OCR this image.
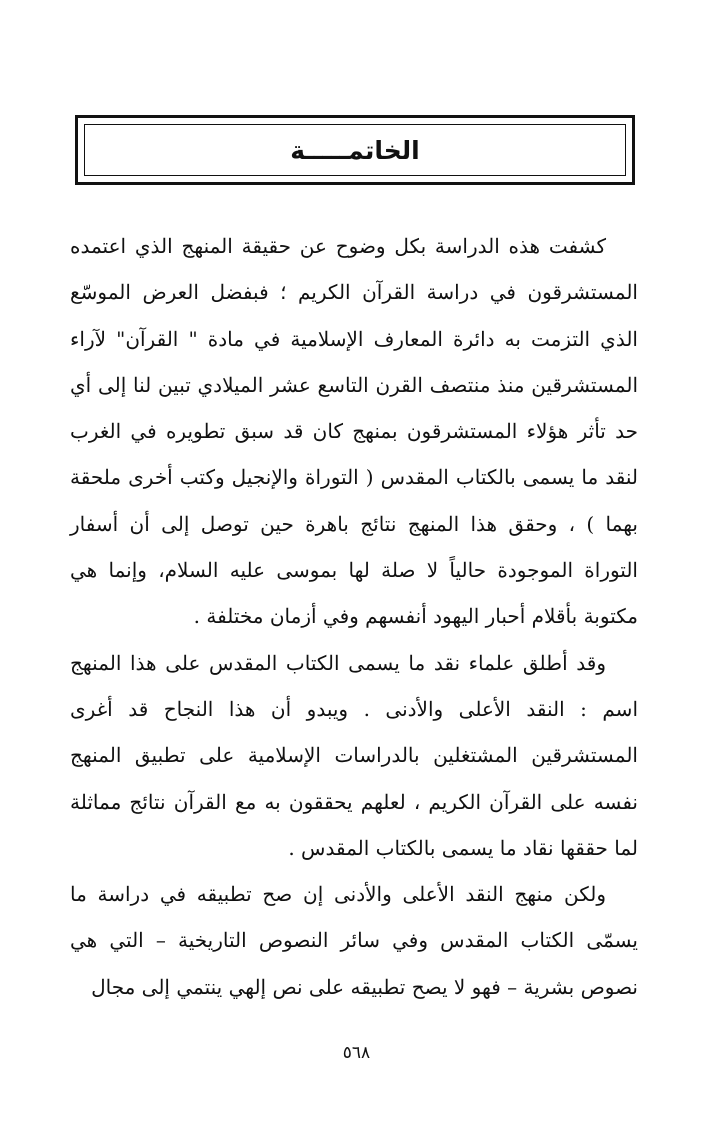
الخاتمـــــة

كشفت هذه الدراسة بكل وضوح عن حقيقة المنهج الذي اعتمده المستشرقون في دراسة القرآن الكريم ؛ فبفضل العرض الموسّع الذي التزمت به دائرة المعارف الإسلامية في مادة " القرآن" لآراء المستشرقين منذ منتصف القرن التاسع عشر الميلادي تبين لنا إلى أي حد تأثر هؤلاء المستشرقون بمنهج كان قد سبق تطويره في الغرب لنقد ما يسمى بالكتاب المقدس ( التوراة والإنجيل وكتب أخرى ملحقة بهما ) ، وحقق هذا المنهج نتائج باهرة حين توصل إلى أن أسفار التوراة الموجودة حالياً لا صلة لها بموسى عليه السلام، وإنما هي مكتوبة بأقلام أحبار اليهود أنفسهم وفي أزمان مختلفة .

وقد أطلق علماء نقد ما يسمى الكتاب المقدس على هذا المنهج اسم : النقد الأعلى والأدنى . ويبدو أن هذا النجاح قد أغرى المستشرقين المشتغلين بالدراسات الإسلامية على تطبيق المنهج نفسه على القرآن الكريم ، لعلهم يحققون به مع القرآن نتائج مماثلة لما حققها نقاد ما يسمى بالكتاب المقدس .

ولكن منهج النقد الأعلى والأدنى إن صح تطبيقه في دراسة ما يسمّى الكتاب المقدس وفي سائر النصوص التاريخية – التي هي نصوص بشرية – فهو لا يصح تطبيقه على نص إلهي ينتمي إلى مجال

٥٦٨
